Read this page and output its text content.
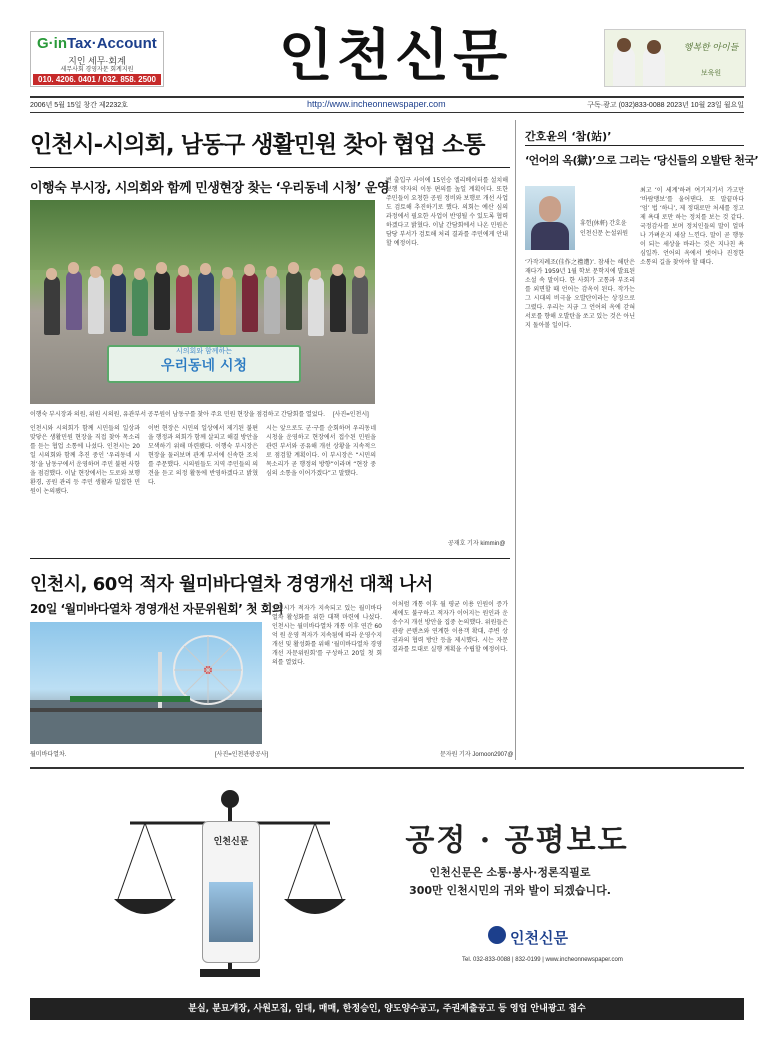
G·inTax·Account
지인 세무·회계
세무사회 경영자문 회계지원
010. 4206. 0401 / 032. 858. 2500	인천신문	행복한 아이들
보육원
2006년 5월 15일 창간 제2232호	http://www.incheonnewspaper.com	구독·광고 (032)833-0088 2023년 10월 23일 월요일
인천시-시의회, 남동구 생활민원 찾아 협업 소통
이행숙 부시장, 시의회와 함께 민생현장 찾는 ‘우리동네 시청’ 운영
시의회와 함께하는
우리동네 시청
이행숙 부시장과 의원, 위원 시의원, 유관부서 공무원이 남동구를 찾아 주요 민원 현장을 점검하고 간담회를 열었다. [사진=인천시]
인천시와 시의회가 함께 시민들의 일상과 맞닿은 생활민원 현장을 직접 찾아 목소리를 듣는 협업 소통에 나섰다. 인천시는 20일 시의회와 함께 추진 중인 ‘우리동네 시청’을 남동구에서 운영하며 주민 불편 사항을 점검했다. 이날 현장에서는 도로와 보행 환경, 공원 관리 등 주민 생활과 밀접한 민원이 논의됐다.
이번 현장은 시민의 일상에서 제기된 불편을 행정과 의회가 함께 살피고 해결 방안을 모색하기 위해 마련됐다. 이행숙 부시장은 현장을 둘러보며 관계 부서에 신속한 조치를 주문했다. 시의원들도 지역 주민들의 의견을 듣고 의정 활동에 반영하겠다고 밝혔다.
시는 앞으로도 군·구를 순회하며 우리동네 시청을 운영하고 현장에서 접수된 민원을 관련 부서와 공유해 개선 상황을 지속적으로 점검할 계획이다. 이 부시장은 “시민의 목소리가 곧 행정의 방향”이라며 “현장 중심의 소통을 이어가겠다”고 말했다.
번 출입구 사이에 15인승 엘리베이터를 설치해 보행 약자의 이동 편의를 높일 계획이다. 또한 주민들이 요청한 공원 정비와 보행로 개선 사업도 검토해 추진하기로 했다. 의회는 예산 심의 과정에서 필요한 사업이 반영될 수 있도록 협력하겠다고 밝혔다. 이날 간담회에서 나온 민원은 담당 부서가 검토해 처리 결과를 주민에게 안내할 예정이다.
공재호 기자 kimmin@
인천시, 60억 적자 월미바다열차 경영개선 대책 나서
20일 ‘월미바다열차 경영개선 자문위원회’ 첫 회의
월미바다열차.	[사진=인천관광공사]
인천시가 적자가 지속되고 있는 월미바다열차 활성화를 위한 대책 마련에 나섰다. 인천시는 월미바다열차 개통 이후 연간 60억 원 운영 적자가 지속됨에 따라 운영수지 개선 및 활성화를 위해 ‘월미바다열차 경영개선 자문위원회’를 구성하고 20일 첫 회의를 열었다.
이처럼 개통 이후 월 평균 이용 인원이 증가세에도 불구하고 적자가 이어지는 원인과 운송수지 개선 방안을 집중 논의했다. 위원들은 관광 콘텐츠와 연계한 이용객 확대, 주변 상권과의 협력 방안 등을 제시했다. 시는 자문 결과를 토대로 실행 계획을 수립할 예정이다.
문자원 기자 Jornoon2907@
간호윤의 ‘참(站)’
‘언어의 옥(獄)’으로 그리는 ‘당신들의 오발탄 천국’
휴헌(休軒) 간호윤
인천신문 논설위원
‘가작지례조(佳作之禮遭)’. 참새는 해탄은 재다가 1959년 1월 학보 문학지에 발표된 소설 속 말이다. 한 사회가 고통과 부조리를 외면할 때 언어는 감옥이 된다. 작가는 그 시대의 비극을 오발탄이라는 상징으로 그렸다. 우리는 지금 그 언어의 옥에 갇혀 서로를 향해 오발탄을 쏘고 있는 것은 아닌지 돌아볼 일이다.
최고 ‘이 세계’하려 여기저기서 가고만 ‘바람맹보’를 울어댄다. 또 말끝마다 ‘엄’ 법 ‘하니’, 제 정대로만 처세를 정고 제 욕대 로만 하는 정치를 보는 것 같다. 국정감사를 보며 정치인들의 말이 얼마나 가벼운지 새삼 느낀다. 말이 곧 행동이 되는 세상을 바라는 것은 지나친 욕심일까. 언어의 옥에서 벗어나 진정한 소통의 길을 찾아야 할 때다.
인천신문	공정 · 공평보도
인천신문은 소통·봉사·정론직필로
300만 인천시민의 귀와 발이 되겠습니다.
인천신문
Tel. 032-833-0088 | 832-0199 | www.incheonnewspaper.com
분실, 분묘개장, 사원모집, 임대, 매매, 한정승인, 양도양수공고, 주권제출공고 등 영업 안내광고 접수
